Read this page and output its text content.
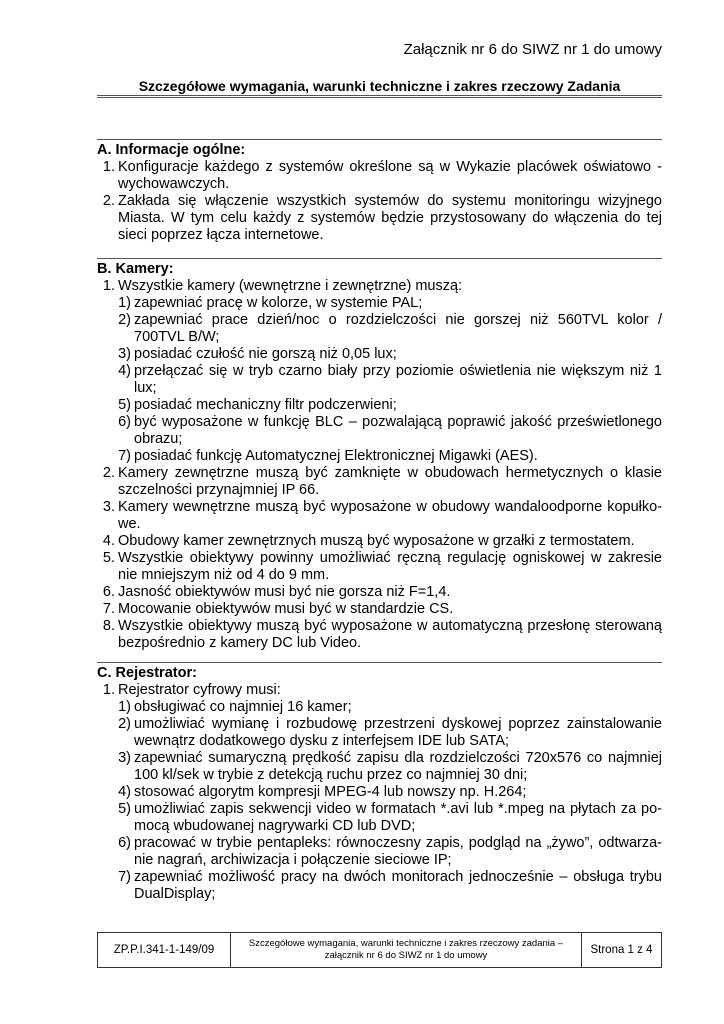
Załącznik nr 6 do SIWZ nr 1 do umowy
Szczegółowe wymagania, warunki techniczne i zakres rzeczowy Zadania
A. Informacje ogólne:
1. Konfiguracje każdego z systemów określone są w Wykazie placówek oświatowo - wychowawczych.
2. Zakłada się włączenie wszystkich systemów do systemu monitoringu wizyjnego Miasta. W tym celu każdy z systemów będzie przystosowany do włączenia do tej sieci poprzez łącza internetowe.
B. Kamery:
1. Wszystkie kamery (wewnętrzne i zewnętrzne) muszą:
1) zapewniać pracę w kolorze, w systemie PAL;
2) zapewniać prace dzień/noc o rozdzielczości nie gorszej niż 560TVL kolor / 700TVL B/W;
3) posiadać czułość nie gorszą niż 0,05 lux;
4) przełączać się w tryb czarno biały przy poziomie oświetlenia nie większym niż 1 lux;
5) posiadać mechaniczny filtr podczerwieni;
6) być wyposażone w funkcję BLC – pozwalającą poprawić jakość prześwietlonego obrazu;
7) posiadać funkcję Automatycznej Elektronicznej Migawki (AES).
2. Kamery zewnętrzne muszą być zamknięte w obudowach hermetycznych o klasie szczelności przynajmniej IP 66.
3. Kamery wewnętrzne muszą być wyposażone w obudowy wandaloodporne kopułko-we.
4. Obudowy kamer zewnętrznych muszą być wyposażone w grzałki z termostatem.
5. Wszystkie obiektywy powinny umożliwiać ręczną regulację ogniskowej w zakresie nie mniejszym niż od 4 do 9 mm.
6. Jasność obiektywów musi być nie gorsza niż F=1,4.
7. Mocowanie obiektywów musi być w standardzie CS.
8. Wszystkie obiektywy muszą być wyposażone w automatyczną przesłonę sterowaną bezpośrednio z kamery DC lub Video.
C. Rejestrator:
1. Rejestrator cyfrowy musi:
1) obsługiwać co najmniej 16 kamer;
2) umożliwiać wymianę i rozbudowę przestrzeni dyskowej poprzez zainstalowanie wewnątrz dodatkowego dysku z interfejsem IDE lub SATA;
3) zapewniać sumaryczną prędkość zapisu dla rozdzielczości 720x576 co najmniej 100 kl/sek w trybie z detekcją ruchu przez co najmniej 30 dni;
4) stosować algorytm kompresji MPEG-4 lub nowszy np. H.264;
5) umożliwiać zapis sekwencji video w formatach *.avi lub *.mpeg na płytach za po-mocą wbudowanej nagrywarki CD lub DVD;
6) pracować w trybie pentapleks: równoczesny zapis, podgląd na „żywo”, odtwarza-nie nagrań, archiwizacja i połączenie sieciowe IP;
7) zapewniać możliwość pracy na dwóch monitorach jednocześnie – obsługa trybu DualDisplay;
ZP.P.I.341-1-149/09
Szczegółowe wymagania, warunki techniczne i zakres rzeczowy zadania – załącznik nr 6 do SIWZ nr 1 do umowy	Strona 1 z 4
